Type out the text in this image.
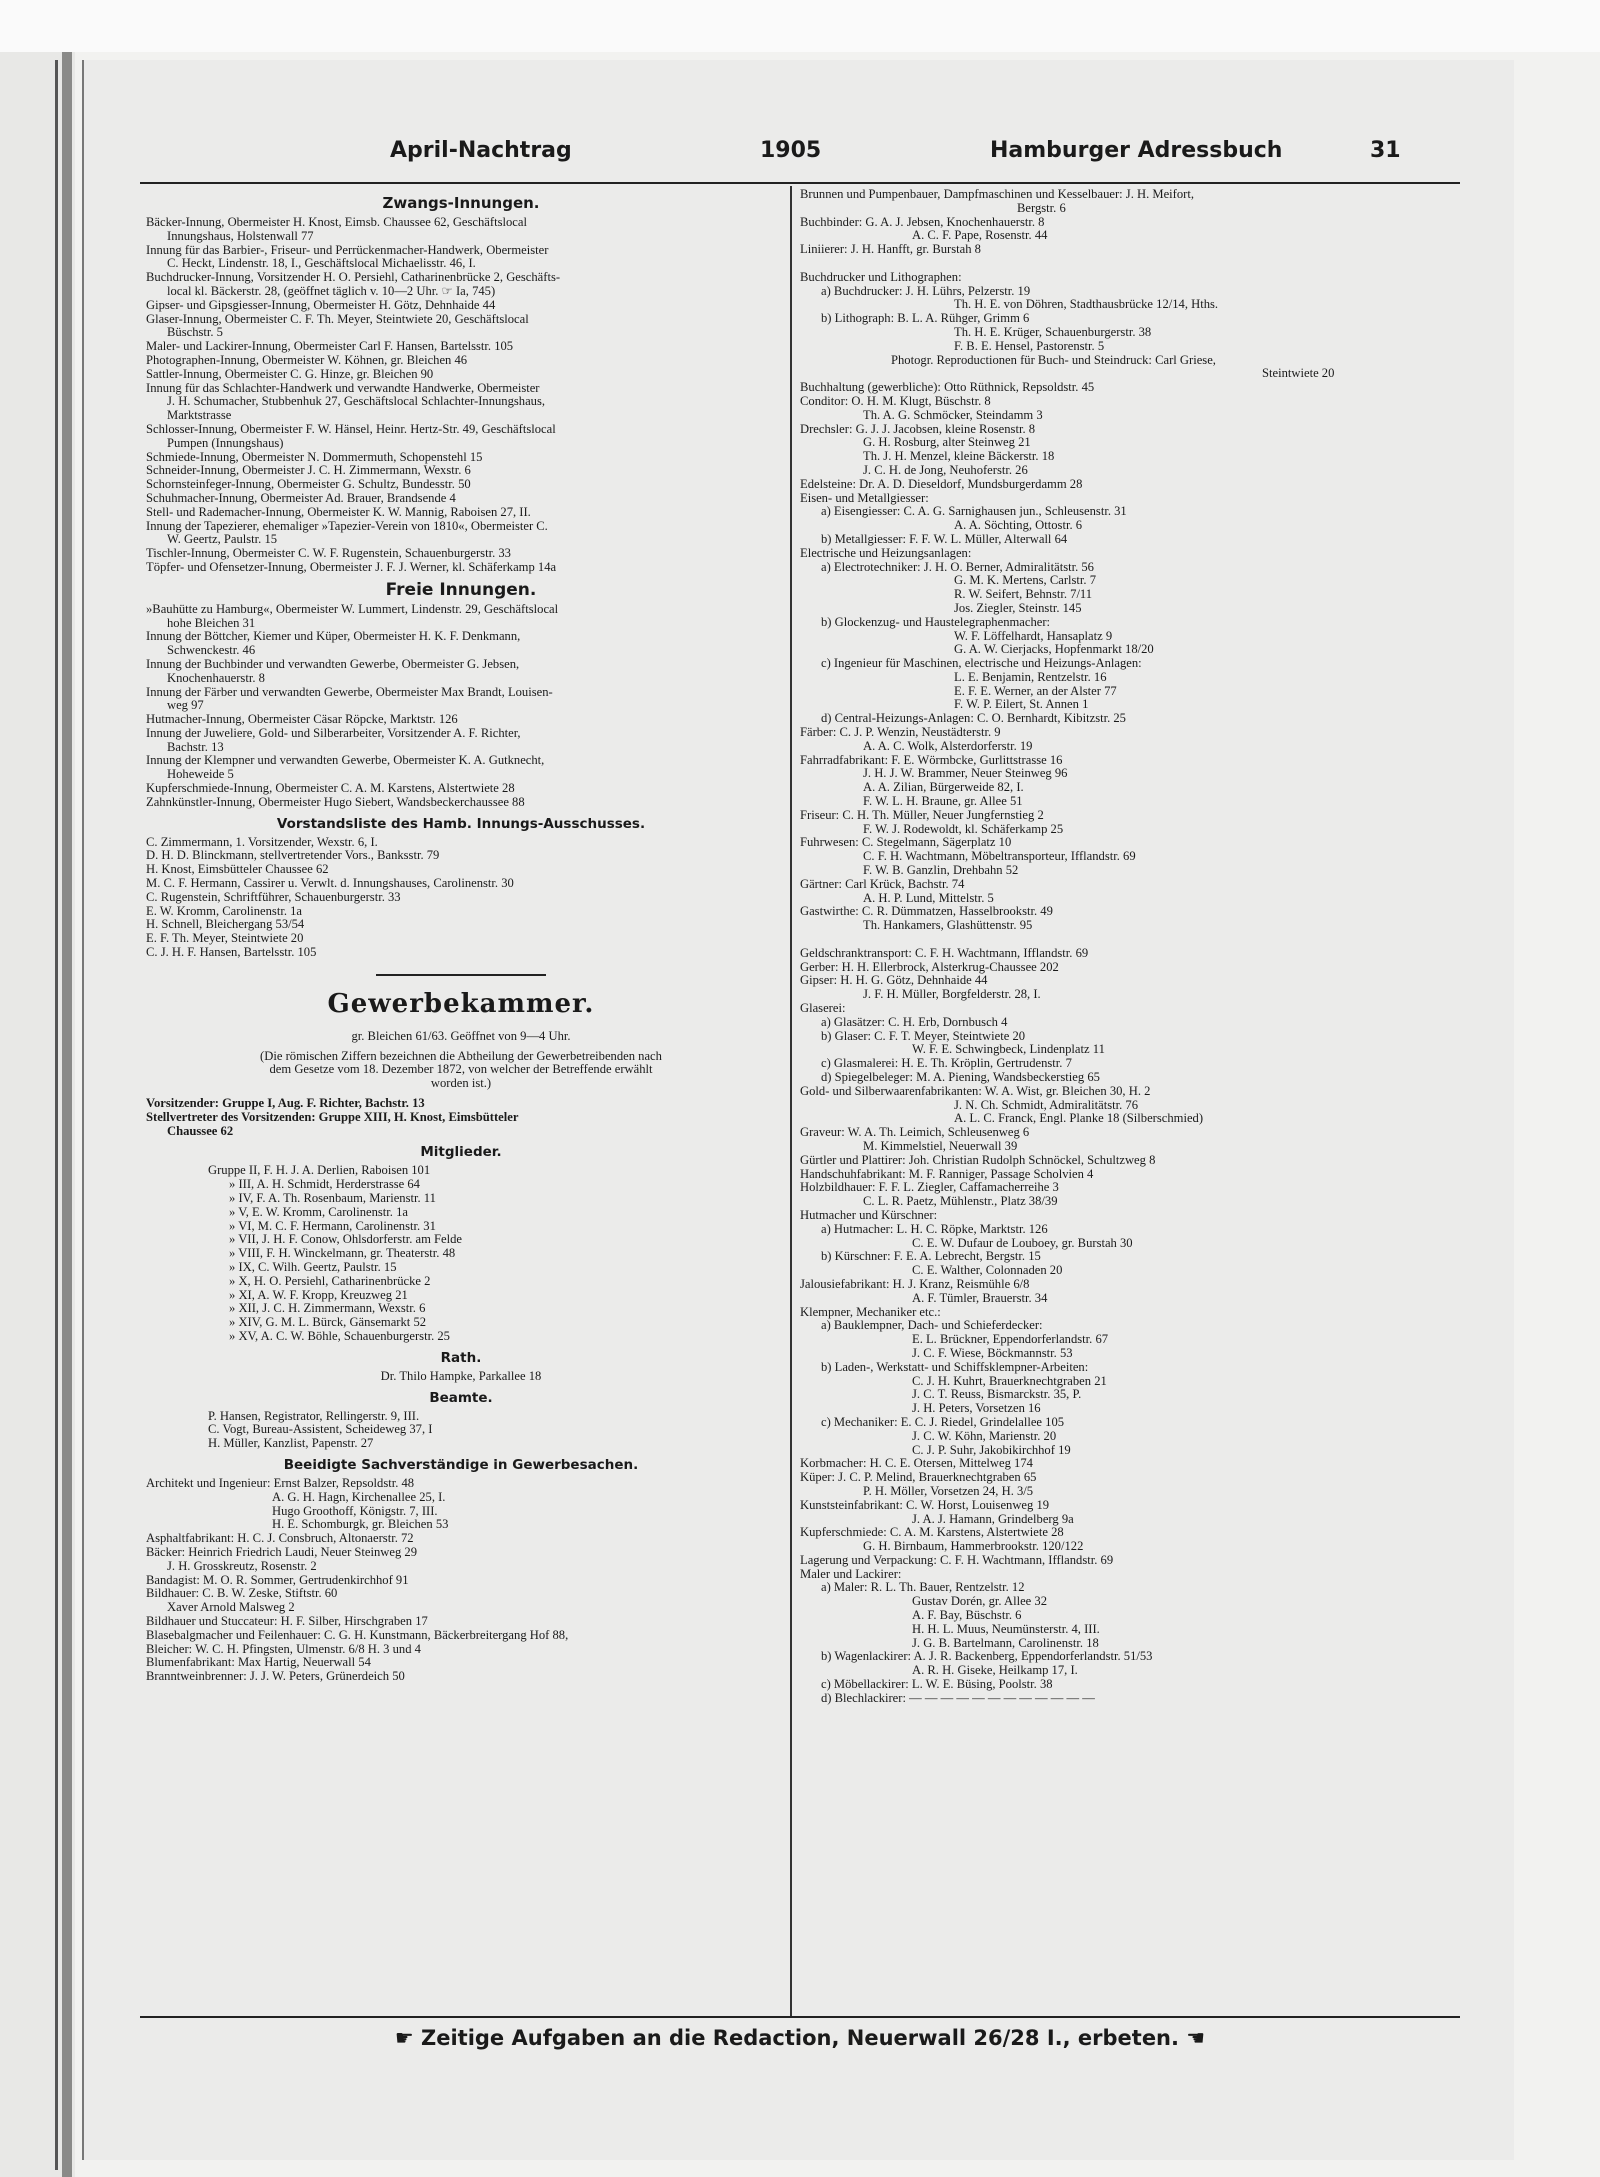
April-Nachtrag	1905	Hamburger Adressbuch	31
Zwangs-Innungen.
Bäcker-Innung, Obermeister H. Knost, Eimsb. Chaussee 62, Geschäftslocal
Innungshaus, Holstenwall 77
Innung für das Barbier-, Friseur- und Perrückenmacher-Handwerk, Obermeister
C. Heckt, Lindenstr. 18, I., Geschäftslocal Michaelisstr. 46, I.
Buchdrucker-Innung, Vorsitzender H. O. Persiehl, Catharinenbrücke 2, Geschäfts-
local kl. Bäckerstr. 28, (geöffnet täglich v. 10—2 Uhr. ☞ Ia, 745)
Gipser- und Gipsgiesser-Innung, Obermeister H. Götz, Dehnhaide 44
Glaser-Innung, Obermeister C. F. Th. Meyer, Steintwiete 20, Geschäftslocal
Büschstr. 5
Maler- und Lackirer-Innung, Obermeister Carl F. Hansen, Bartelsstr. 105
Photographen-Innung, Obermeister W. Köhnen, gr. Bleichen 46
Sattler-Innung, Obermeister C. G. Hinze, gr. Bleichen 90
Innung für das Schlachter-Handwerk und verwandte Handwerke, Obermeister
J. H. Schumacher, Stubbenhuk 27, Geschäftslocal Schlachter-Innungshaus,
Marktstrasse
Schlosser-Innung, Obermeister F. W. Hänsel, Heinr. Hertz-Str. 49, Geschäftslocal
Pumpen (Innungshaus)
Schmiede-Innung, Obermeister N. Dommermuth, Schopenstehl 15
Schneider-Innung, Obermeister J. C. H. Zimmermann, Wexstr. 6
Schornsteinfeger-Innung, Obermeister G. Schultz, Bundesstr. 50
Schuhmacher-Innung, Obermeister Ad. Brauer, Brandsende 4
Stell- und Rademacher-Innung, Obermeister K. W. Mannig, Raboisen 27, II.
Innung der Tapezierer, ehemaliger »Tapezier-Verein von 1810«, Obermeister C.
W. Geertz, Paulstr. 15
Tischler-Innung, Obermeister C. W. F. Rugenstein, Schauenburgerstr. 33
Töpfer- und Ofensetzer-Innung, Obermeister J. F. J. Werner, kl. Schäferkamp 14a
Freie Innungen.
»Bauhütte zu Hamburg«, Obermeister W. Lummert, Lindenstr. 29, Geschäftslocal
hohe Bleichen 31
Innung der Böttcher, Kiemer und Küper, Obermeister H. K. F. Denkmann,
Schwenckestr. 46
Innung der Buchbinder und verwandten Gewerbe, Obermeister G. Jebsen,
Knochenhauerstr. 8
Innung der Färber und verwandten Gewerbe, Obermeister Max Brandt, Louisen-
weg 97
Hutmacher-Innung, Obermeister Cäsar Röpcke, Marktstr. 126
Innung der Juweliere, Gold- und Silberarbeiter, Vorsitzender A. F. Richter,
Bachstr. 13
Innung der Klempner und verwandten Gewerbe, Obermeister K. A. Gutknecht,
Hoheweide 5
Kupferschmiede-Innung, Obermeister C. A. M. Karstens, Alstertwiete 28
Zahnkünstler-Innung, Obermeister Hugo Siebert, Wandsbeckerchaussee 88
Vorstandsliste des Hamb. Innungs-Ausschusses.
C. Zimmermann, 1. Vorsitzender, Wexstr. 6, I.
D. H. D. Blinckmann, stellvertretender Vors., Banksstr. 79
H. Knost, Eimsbütteler Chaussee 62
M. C. F. Hermann, Cassirer u. Verwlt. d. Innungshauses, Carolinenstr. 30
C. Rugenstein, Schriftführer, Schauenburgerstr. 33
E. W. Kromm, Carolinenstr. 1a
H. Schnell, Bleichergang 53/54
E. F. Th. Meyer, Steintwiete 20
C. J. H. F. Hansen, Bartelsstr. 105
Gewerbekammer.
gr. Bleichen 61/63. Geöffnet von 9—4 Uhr.
(Die römischen Ziffern bezeichnen die Abtheilung der Gewerbetreibenden nach
dem Gesetze vom 18. Dezember 1872, von welcher der Betreffende erwählt
worden ist.)
Vorsitzender: Gruppe I, Aug. F. Richter, Bachstr. 13
Stellvertreter des Vorsitzenden: Gruppe XIII, H. Knost, Eimsbütteler
Chaussee 62
Mitglieder.
Gruppe II, F. H. J. A. Derlien, Raboisen 101
» III, A. H. Schmidt, Herderstrasse 64
» IV, F. A. Th. Rosenbaum, Marienstr. 11
» V, E. W. Kromm, Carolinenstr. 1a
» VI, M. C. F. Hermann, Carolinenstr. 31
» VII, J. H. F. Conow, Ohlsdorferstr. am Felde
» VIII, F. H. Winckelmann, gr. Theaterstr. 48
» IX, C. Wilh. Geertz, Paulstr. 15
» X, H. O. Persiehl, Catharinenbrücke 2
» XI, A. W. F. Kropp, Kreuzweg 21
» XII, J. C. H. Zimmermann, Wexstr. 6
» XIV, G. M. L. Bürck, Gänsemarkt 52
» XV, A. C. W. Böhle, Schauenburgerstr. 25
Rath.
Dr. Thilo Hampke, Parkallee 18
Beamte.
P. Hansen, Registrator, Rellingerstr. 9, III.
C. Vogt, Bureau-Assistent, Scheideweg 37, I
H. Müller, Kanzlist, Papenstr. 27
Beeidigte Sachverständige in Gewerbesachen.
Architekt und Ingenieur: Ernst Balzer, Repsoldstr. 48
A. G. H. Hagn, Kirchenallee 25, I.
Hugo Groothoff, Königstr. 7, III.
H. E. Schomburgk, gr. Bleichen 53
Asphaltfabrikant: H. C. J. Consbruch, Altonaerstr. 72
Bäcker: Heinrich Friedrich Laudi, Neuer Steinweg 29
J. H. Grosskreutz, Rosenstr. 2
Bandagist: M. O. R. Sommer, Gertrudenkirchhof 91
Bildhauer: C. B. W. Zeske, Stiftstr. 60
Xaver Arnold Malsweg 2
Bildhauer und Stuccateur: H. F. Silber, Hirschgraben 17
Blasebalgmacher und Feilenhauer: C. G. H. Kunstmann, Bäckerbreitergang Hof 88,
Bleicher: W. C. H. Pfingsten, Ulmenstr. 6/8 H. 3 und 4
Blumenfabrikant: Max Hartig, Neuerwall 54
Branntweinbrenner: J. J. W. Peters, Grünerdeich 50
Brunnen und Pumpenbauer, Dampfmaschinen und Kesselbauer: J. H. Meifort,
Bergstr. 6
Buchbinder: G. A. J. Jebsen, Knochenhauerstr. 8
A. C. F. Pape, Rosenstr. 44
Liniierer: J. H. Hanfft, gr. Burstah 8

Buchdrucker und Lithographen:
a) Buchdrucker: J. H. Lührs, Pelzerstr. 19
Th. H. E. von Döhren, Stadthausbrücke 12/14, Hths.
b) Lithograph: B. L. A. Rühger, Grimm 6
Th. H. E. Krüger, Schauenburgerstr. 38
F. B. E. Hensel, Pastorenstr. 5
Photogr. Reproductionen für Buch- und Steindruck: Carl Griese,
Steintwiete 20
Buchhaltung (gewerbliche): Otto Rüthnick, Repsoldstr. 45
Conditor: O. H. M. Klugt, Büschstr. 8
Th. A. G. Schmöcker, Steindamm 3
Drechsler: G. J. J. Jacobsen, kleine Rosenstr. 8
G. H. Rosburg, alter Steinweg 21
Th. J. H. Menzel, kleine Bäckerstr. 18
J. C. H. de Jong, Neuhoferstr. 26
Edelsteine: Dr. A. D. Dieseldorf, Mundsburgerdamm 28
Eisen- und Metallgiesser:
a) Eisengiesser: C. A. G. Sarnighausen jun., Schleusenstr. 31
A. A. Söchting, Ottostr. 6
b) Metallgiesser: F. F. W. L. Müller, Alterwall 64
Electrische und Heizungsanlagen:
a) Electrotechniker: J. H. O. Berner, Admiralitätstr. 56
G. M. K. Mertens, Carlstr. 7
R. W. Seifert, Behnstr. 7/11
Jos. Ziegler, Steinstr. 145
b) Glockenzug- und Haustelegraphenmacher:
W. F. Löffelhardt, Hansaplatz 9
G. A. W. Cierjacks, Hopfenmarkt 18/20
c) Ingenieur für Maschinen, electrische und Heizungs-Anlagen:
L. E. Benjamin, Rentzelstr. 16
E. F. E. Werner, an der Alster 77
F. W. P. Eilert, St. Annen 1
d) Central-Heizungs-Anlagen: C. O. Bernhardt, Kibitzstr. 25
Färber: C. J. P. Wenzin, Neustädterstr. 9
A. A. C. Wolk, Alsterdorferstr. 19
Fahrradfabrikant: F. E. Wörmbcke, Gurlittstrasse 16
J. H. J. W. Brammer, Neuer Steinweg 96
A. A. Zilian, Bürgerweide 82, I.
F. W. L. H. Braune, gr. Allee 51
Friseur: C. H. Th. Müller, Neuer Jungfernstieg 2
F. W. J. Rodewoldt, kl. Schäferkamp 25
Fuhrwesen: C. Stegelmann, Sägerplatz 10
C. F. H. Wachtmann, Möbeltransporteur, Ifflandstr. 69
F. W. B. Ganzlin, Drehbahn 52
Gärtner: Carl Krück, Bachstr. 74
A. H. P. Lund, Mittelstr. 5
Gastwirthe: C. R. Dümmatzen, Hasselbrookstr. 49
Th. Hankamers, Glashüttenstr. 95

Geldschranktransport: C. F. H. Wachtmann, Ifflandstr. 69
Gerber: H. H. Ellerbrock, Alsterkrug-Chaussee 202
Gipser: H. H. G. Götz, Dehnhaide 44
J. F. H. Müller, Borgfelderstr. 28, I.
Glaserei:
a) Glasätzer: C. H. Erb, Dornbusch 4
b) Glaser: C. F. T. Meyer, Steintwiete 20
W. F. E. Schwingbeck, Lindenplatz 11
c) Glasmalerei: H. E. Th. Kröplin, Gertrudenstr. 7
d) Spiegelbeleger: M. A. Piening, Wandsbeckerstieg 65
Gold- und Silberwaarenfabrikanten: W. A. Wist, gr. Bleichen 30, H. 2
J. N. Ch. Schmidt, Admiralitätstr. 76
A. L. C. Franck, Engl. Planke 18 (Silberschmied)
Graveur: W. A. Th. Leimich, Schleusenweg 6
M. Kimmelstiel, Neuerwall 39
Gürtler und Plattirer: Joh. Christian Rudolph Schnöckel, Schultzweg 8
Handschuhfabrikant: M. F. Ranniger, Passage Scholvien 4
Holzbildhauer: F. F. L. Ziegler, Caffamacherreihe 3
C. L. R. Paetz, Mühlenstr., Platz 38/39
Hutmacher und Kürschner:
a) Hutmacher: L. H. C. Röpke, Marktstr. 126
C. E. W. Dufaur de Louboey, gr. Burstah 30
b) Kürschner: F. E. A. Lebrecht, Bergstr. 15
C. E. Walther, Colonnaden 20
Jalousiefabrikant: H. J. Kranz, Reismühle 6/8
A. F. Tümler, Brauerstr. 34
Klempner, Mechaniker etc.:
a) Bauklempner, Dach- und Schieferdecker:
E. L. Brückner, Eppendorferlandstr. 67
J. C. F. Wiese, Böckmannstr. 53
b) Laden-, Werkstatt- und Schiffsklempner-Arbeiten:
C. J. H. Kuhrt, Brauerknechtgraben 21
J. C. T. Reuss, Bismarckstr. 35, P.
J. H. Peters, Vorsetzen 16
c) Mechaniker: E. C. J. Riedel, Grindelallee 105
J. C. W. Köhn, Marienstr. 20
C. J. P. Suhr, Jakobikirchhof 19
Korbmacher: H. C. E. Otersen, Mittelweg 174
Küper: J. C. P. Melind, Brauerknechtgraben 65
P. H. Möller, Vorsetzen 24, H. 3/5
Kunststeinfabrikant: C. W. Horst, Louisenweg 19
J. A. J. Hamann, Grindelberg 9a
Kupferschmiede: C. A. M. Karstens, Alstertwiete 28
G. H. Birnbaum, Hammerbrookstr. 120/122
Lagerung und Verpackung: C. F. H. Wachtmann, Ifflandstr. 69
Maler und Lackirer:
a) Maler: R. L. Th. Bauer, Rentzelstr. 12
Gustav Dorén, gr. Allee 32
A. F. Bay, Büschstr. 6
H. H. L. Muus, Neumünsterstr. 4, III.
J. G. B. Bartelmann, Carolinenstr. 18
b) Wagenlackirer: A. J. R. Backenberg, Eppendorferlandstr. 51/53
A. R. H. Giseke, Heilkamp 17, I.
c) Möbellackirer: L. W. E. Büsing, Poolstr. 38
d) Blechlackirer: — — — — — — — — — — — —
☛ Zeitige Aufgaben an die Redaction, Neuerwall 26/28 I., erbeten. ☚
